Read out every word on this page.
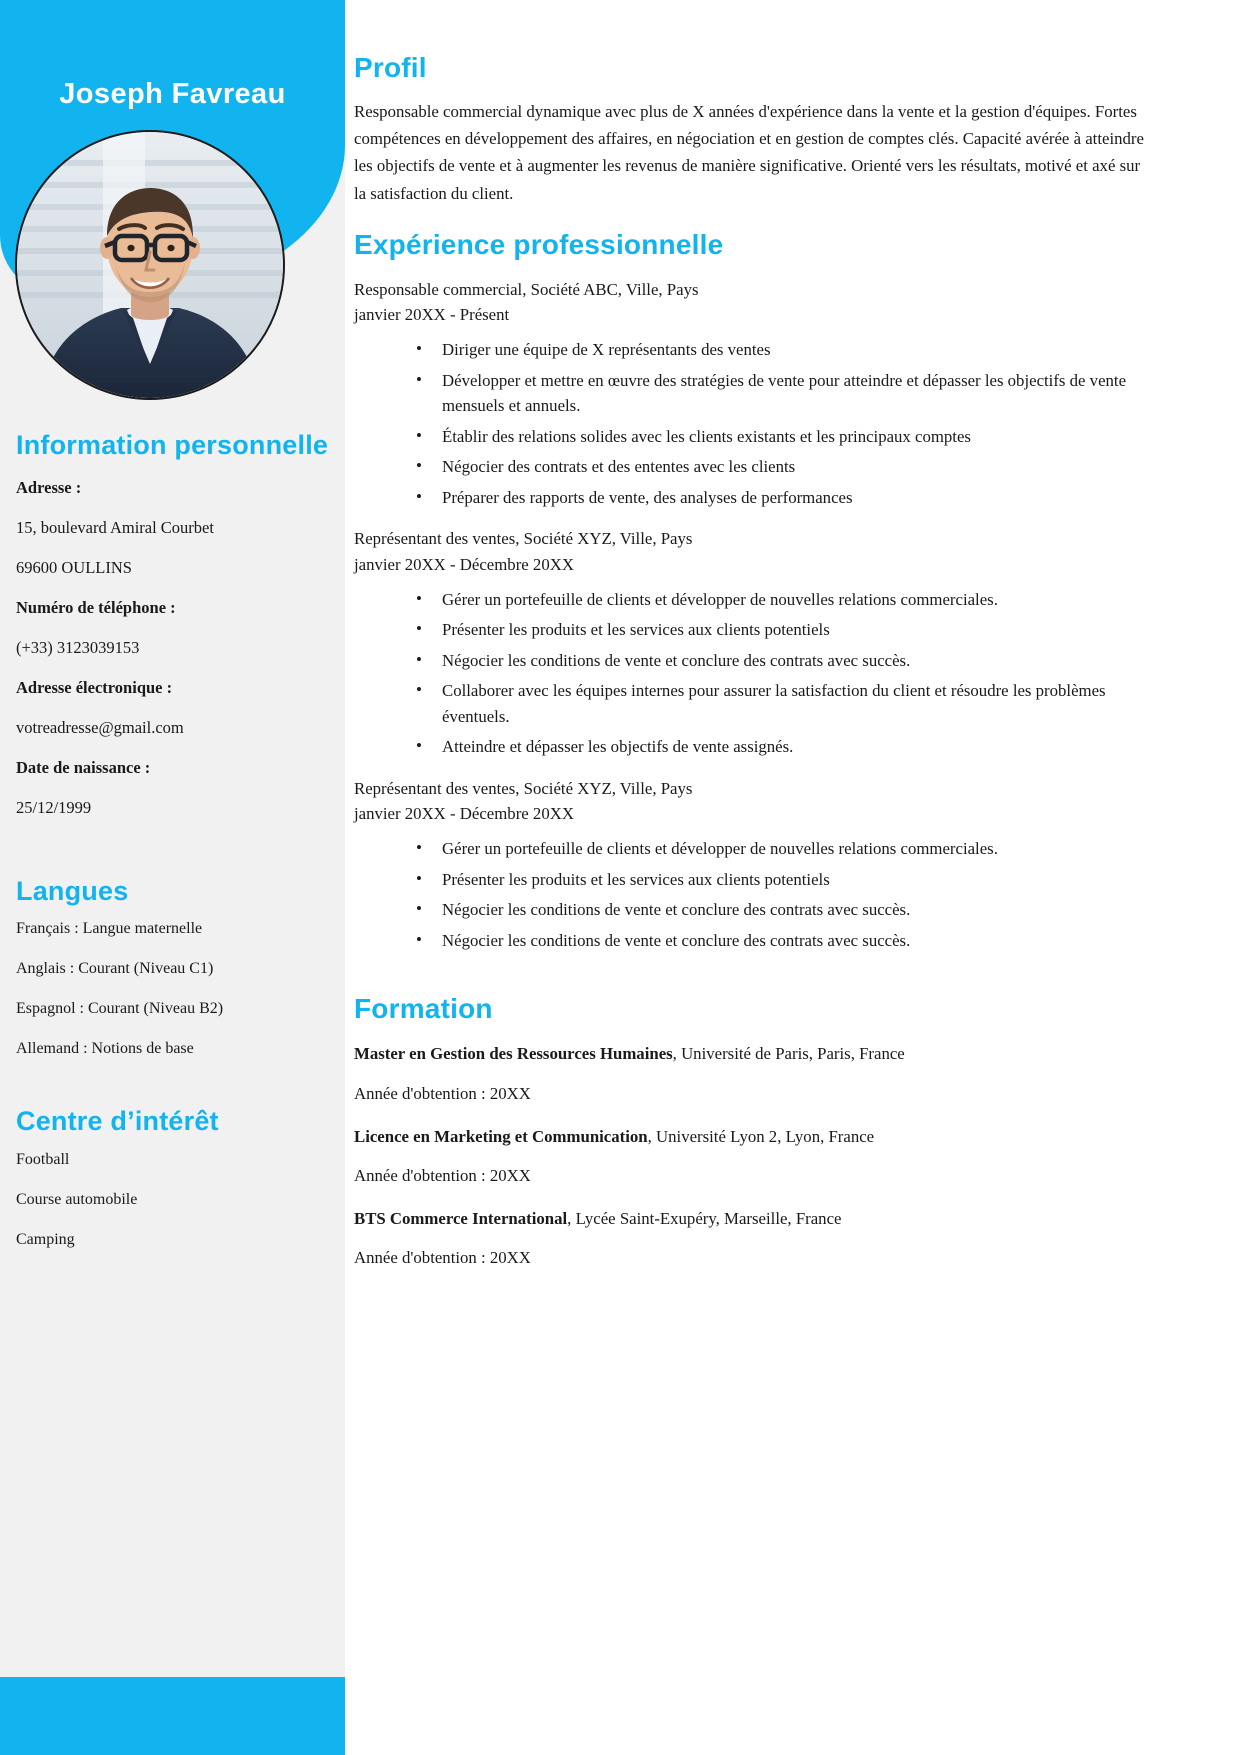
Joseph Favreau
Information personnelle

Adresse :

15, boulevard Amiral Courbet

69600 OULLINS

Numéro de téléphone :

(+33) 3123039153

Adresse électronique :

votreadresse@gmail.com

Date de naissance :

25/12/1999

Langues

Français : Langue maternelle

Anglais : Courant (Niveau C1)

Espagnol : Courant (Niveau B2)

Allemand : Notions de base

Centre d’intérêt

Football

Course automobile

Camping

Profil

Responsable commercial dynamique avec plus de X années d'expérience dans la vente et la gestion d'équipes. Fortes compétences en développement des affaires, en négociation et en gestion de comptes clés. Capacité avérée à atteindre les objectifs de vente et à augmenter les revenus de manière significative. Orienté vers les résultats, motivé et axé sur la satisfaction du client.

Expérience professionnelle

Responsable commercial, Société ABC, Ville, Pays

janvier 20XX - Présent

• Diriger une équipe de X représentants des ventes
• Développer et mettre en œuvre des stratégies de vente pour atteindre et dépasser les objectifs de vente mensuels et annuels.
• Établir des relations solides avec les clients existants et les principaux comptes
• Négocier des contrats et des ententes avec les clients
• Préparer des rapports de vente, des analyses de performances

Représentant des ventes, Société XYZ, Ville, Pays

janvier 20XX - Décembre 20XX

• Gérer un portefeuille de clients et développer de nouvelles relations commerciales.
• Présenter les produits et les services aux clients potentiels
• Négocier les conditions de vente et conclure des contrats avec succès.
• Collaborer avec les équipes internes pour assurer la satisfaction du client et résoudre les problèmes éventuels.
• Atteindre et dépasser les objectifs de vente assignés.

Représentant des ventes, Société XYZ, Ville, Pays

janvier 20XX - Décembre 20XX

• Gérer un portefeuille de clients et développer de nouvelles relations commerciales.
• Présenter les produits et les services aux clients potentiels
• Négocier les conditions de vente et conclure des contrats avec succès.
• Négocier les conditions de vente et conclure des contrats avec succès.
Formation

Master en Gestion des Ressources Humaines, Université de Paris, Paris, France

Année d'obtention : 20XX

Licence en Marketing et Communication, Université Lyon 2, Lyon, France

Année d'obtention : 20XX

BTS Commerce International, Lycée Saint-Exupéry, Marseille, France

Année d'obtention : 20XX
